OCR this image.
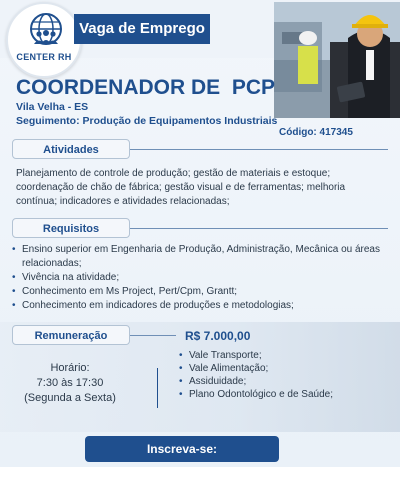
CENTER RH
Vaga de Emprego
COORDENADOR DE  PCP
Vila Velha - ES
Seguimento: Produção de Equipamentos Industriais
Código: 417345
Atividades
Planejamento de controle de produção; gestão de materiais e estoque; coordenação de chão de fábrica; gestão visual e de ferramentas; melhoria contínua; indicadores e atividades relacionadas;
Requisitos
• Ensino superior em Engenharia de Produção, Administração, Mecânica ou áreas relacionadas;
• Vivência na atividade;
• Conhecimento em Ms Project, Pert/Cpm, Grantt;
• Conhecimento em indicadores de produções e metodologias;
Remuneração	R$ 7.000,00
Horário:
7:30 às 17:30
(Segunda a Sexta)
• Vale Transporte;
• Vale Alimentação;
• Assiduidade;
• Plano Odontológico e de Saúde;
Inscreva-se: www.centerrh.com.br
